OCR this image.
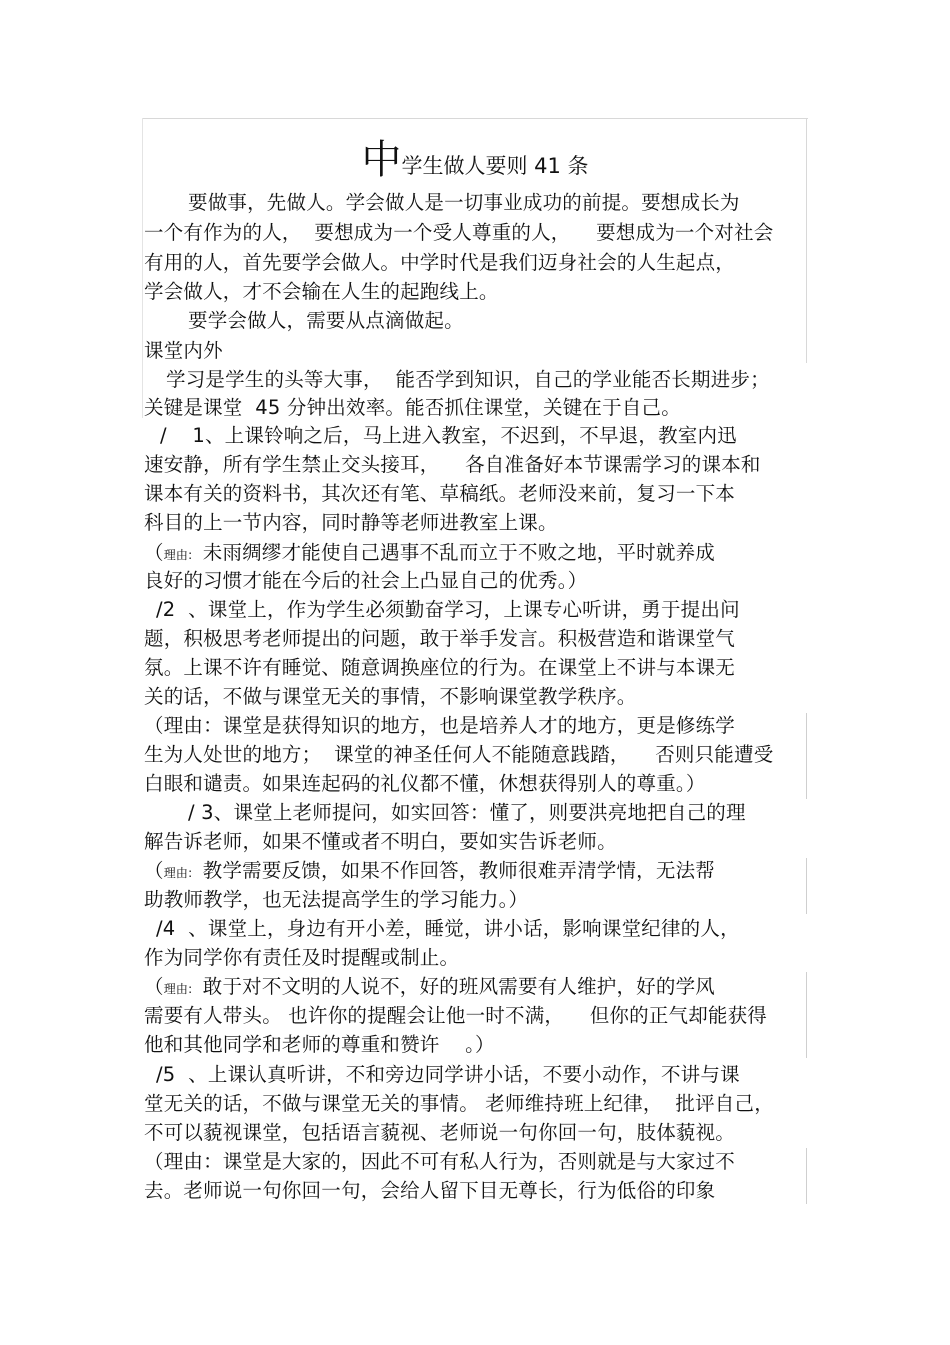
中学生做人要则 41 条
要做事，先做人。学会做人是一切事业成功的前提。要想成长为
一个有作为的人，  要想成为一个受人尊重的人，    要想成为一个对社会
有用的人，首先要学会做人。中学时代是我们迈身社会的人生起点，
学会做人，才不会输在人生的起跑线上。
要学会做人，需要从点滴做起。
课堂内外
学习是学生的头等大事，  能否学到知识，自己的学业能否长期进步；
关键是课堂  45 分钟出效率。能否抓住课堂，关键在于自己。
/    1、上课铃响之后，马上进入教室，不迟到，不早退，教室内迅
速安静，所有学生禁止交头接耳，    各自准备好本节课需学习的课本和
课本有关的资料书，其次还有笔、草稿纸。老师没来前，复习一下本
科目的上一节内容，同时静等老师进教室上课。
（理由:  未雨绸缪才能使自己遇事不乱而立于不败之地，平时就养成
良好的习惯才能在今后的社会上凸显自己的优秀。）
/2  、课堂上，作为学生必须勤奋学习，上课专心听讲，勇于提出问
题，积极思考老师提出的问题，敢于举手发言。积极营造和谐课堂气
氛。上课不许有睡觉、随意调换座位的行为。在课堂上不讲与本课无
关的话，不做与课堂无关的事情，不影响课堂教学秩序。
（理由：课堂是获得知识的地方，也是培养人才的地方，更是修练学
生为人处世的地方；  课堂的神圣任何人不能随意践踏，    否则只能遭受
白眼和谴责。如果连起码的礼仪都不懂，休想获得别人的尊重。）
/ 3、课堂上老师提问，如实回答：懂了，则要洪亮地把自己的理
解告诉老师，如果不懂或者不明白，要如实告诉老师。
（理由:  教学需要反馈，如果不作回答，教师很难弄清学情，无法帮
助教师教学，也无法提高学生的学习能力。）
/4  、课堂上，身边有开小差，睡觉，讲小话，影响课堂纪律的人，
作为同学你有责任及时提醒或制止。
（理由:  敢于对不文明的人说不，好的班风需要有人维护，好的学风
需要有人带头。 也许你的提醒会让他一时不满，    但你的正气却能获得
他和其他同学和老师的尊重和赞许    。）
/5  、上课认真听讲，不和旁边同学讲小话，不要小动作，不讲与课
堂无关的话，不做与课堂无关的事情。 老师维持班上纪律，  批评自己，
不可以藐视课堂，包括语言藐视、老师说一句你回一句，肢体藐视。
（理由：课堂是大家的，因此不可有私人行为，否则就是与大家过不
去。老师说一句你回一句，会给人留下目无尊长，行为低俗的印象
